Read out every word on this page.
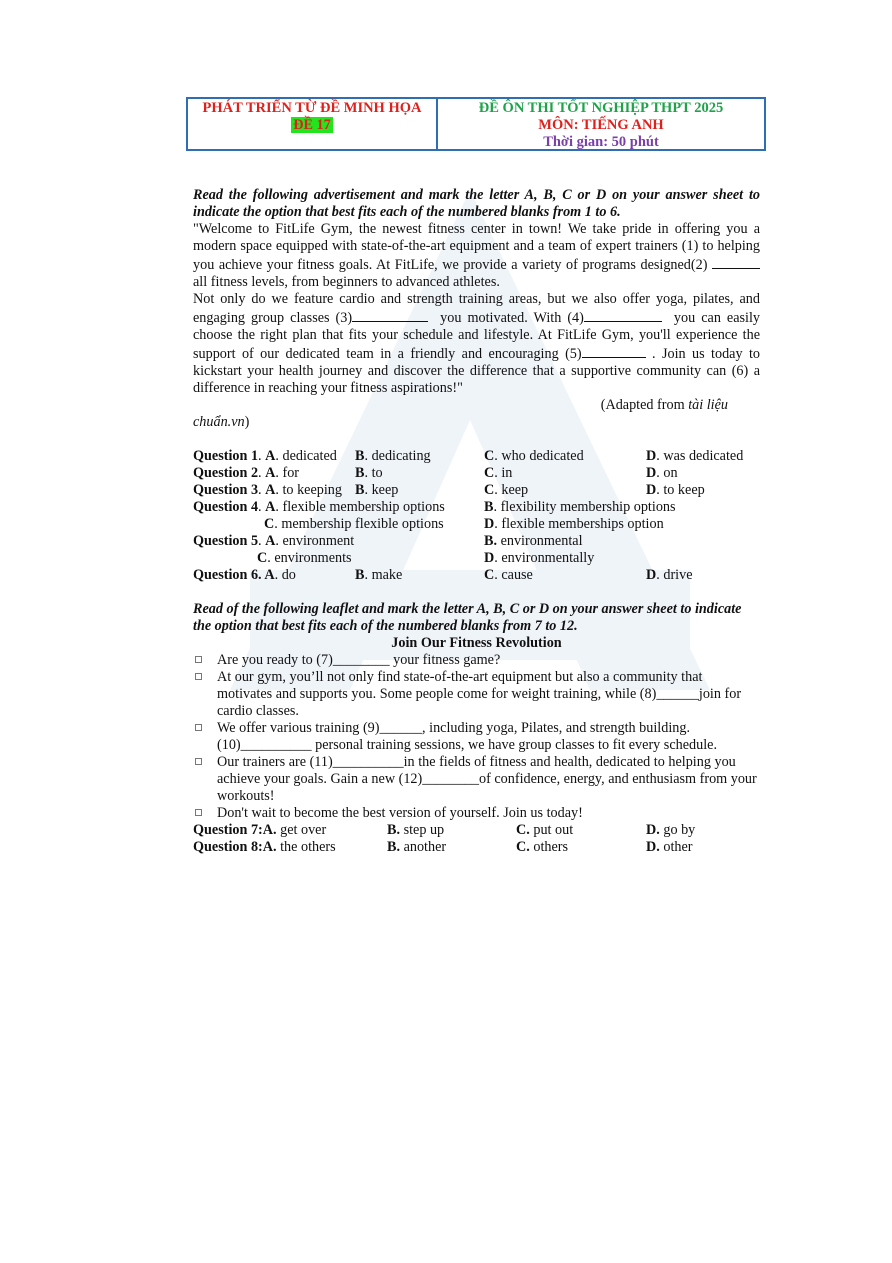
PHÁT TRIỂN TỪ ĐỀ MINH HỌA
ĐỀ 17
ĐỀ ÔN THI TỐT NGHIỆP THPT 2025
MÔN: TIẾNG ANH
Thời gian: 50 phút
Read the following advertisement and mark the letter A, B, C or D on your answer sheet to indicate the option that best fits each of the numbered blanks from 1 to 6.
"Welcome to FitLife Gym, the newest fitness center in town! We take pride in offering you a modern space equipped with state-of-the-art equipment and a team of expert trainers (1) to helping you achieve your fitness goals. At FitLife, we provide a variety of programs designed(2)  all fitness levels, from beginners to advanced athletes.
Not only do we feature cardio and strength training areas, but we also offer yoga, pilates, and engaging group classes (3)	you motivated. With (4)	you can easily choose the right plan that fits your schedule and lifestyle. At FitLife Gym, you'll experience the support of our dedicated team in a friendly and encouraging (5)	. Join us today to kickstart your health journey and discover the difference that a supportive community can (6) a difference in reaching your fitness aspirations!"
(Adapted from tài liệu
chuẩn.vn)
Question 1. A. dedicated B. dedicating	C. who dedicated	D. was dedicated
Question 2. A. for	B. to	C. in	D. on
Question 3. A. to keeping B. keep	C. keep	D. to keep
Question 4. A. flexible membership options	B. flexibility membership options
C. membership flexible options	D. flexible memberships option
Question 5. A. environment	B. environmental
C. environments	D. environmentally
Question 6. A. do	B. make	C. cause	D. drive
Read of the following leaflet and mark the letter A, B, C or D on your answer sheet to indicate the option that best fits each of the numbered blanks from 7 to 12.
Join Our Fitness Revolution
Are you ready to (7)________ your fitness game?
At our gym, you’ll not only find state-of-the-art equipment but also a community that motivates and supports you. Some people come for weight training, while (8)______join for cardio classes.
We offer various training (9)______, including yoga, Pilates, and strength building. (10)__________ personal training sessions, we have group classes to fit every schedule.
Our trainers are (11)__________in the fields of fitness and health, dedicated to helping you achieve your goals. Gain a new (12)________of confidence, energy, and enthusiasm from your workouts!
Don't wait to become the best version of yourself. Join us today!
Question 7:A. get over	B. step up	C. put out	D. go by
Question 8:A. the others	B. another	C. others	D. other
